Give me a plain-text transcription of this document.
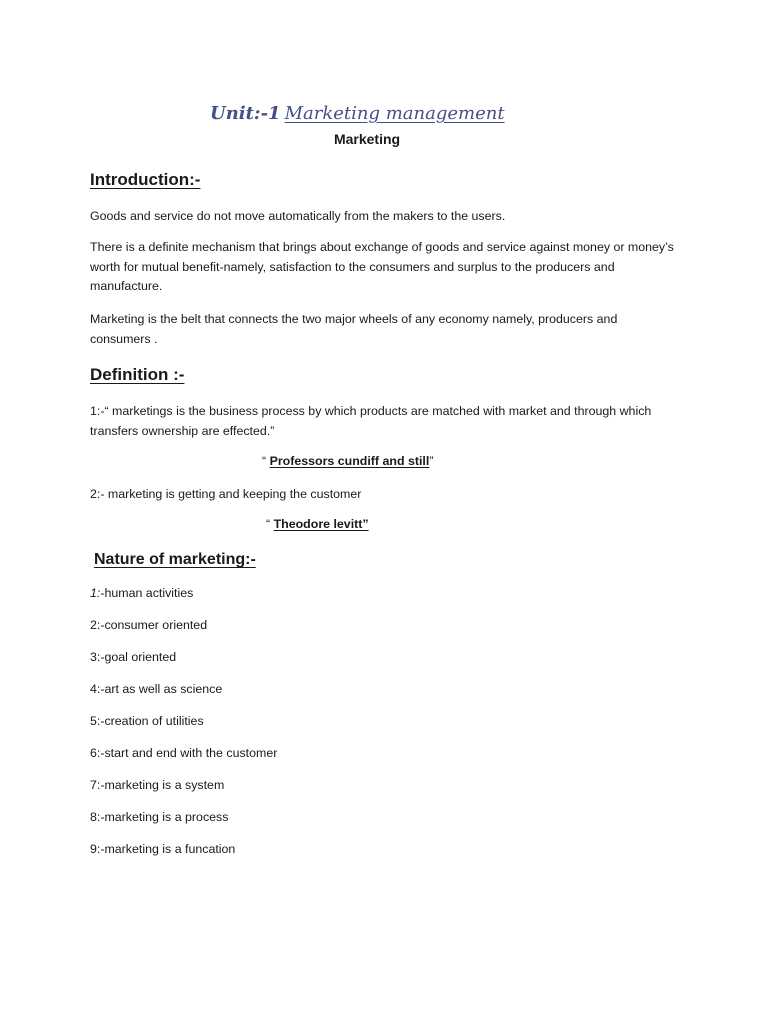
Unit:-1 Marketing management
Marketing
Introduction:-
Goods and service do not move automatically from the makers to the users.
There is a definite mechanism that brings about exchange of goods and service against money or money’s worth for mutual benefit-namely, satisfaction to the consumers and surplus to the producers and manufacture.
Marketing is the belt that connects the two major wheels of any economy namely, producers and consumers .
Definition :-
1:-“ marketings is the business process by which products are matched with market and through which transfers ownership are effected.”
“ Professors cundiff and still”
2:- marketing is getting and keeping the customer
“ Theodore levitt”
Nature of marketing:-
1:-human activities
2:-consumer oriented
3:-goal oriented
4:-art as well as science
5:-creation of utilities
6:-start and end with the customer
7:-marketing is a system
8:-marketing is a process
9:-marketing is a funcation
